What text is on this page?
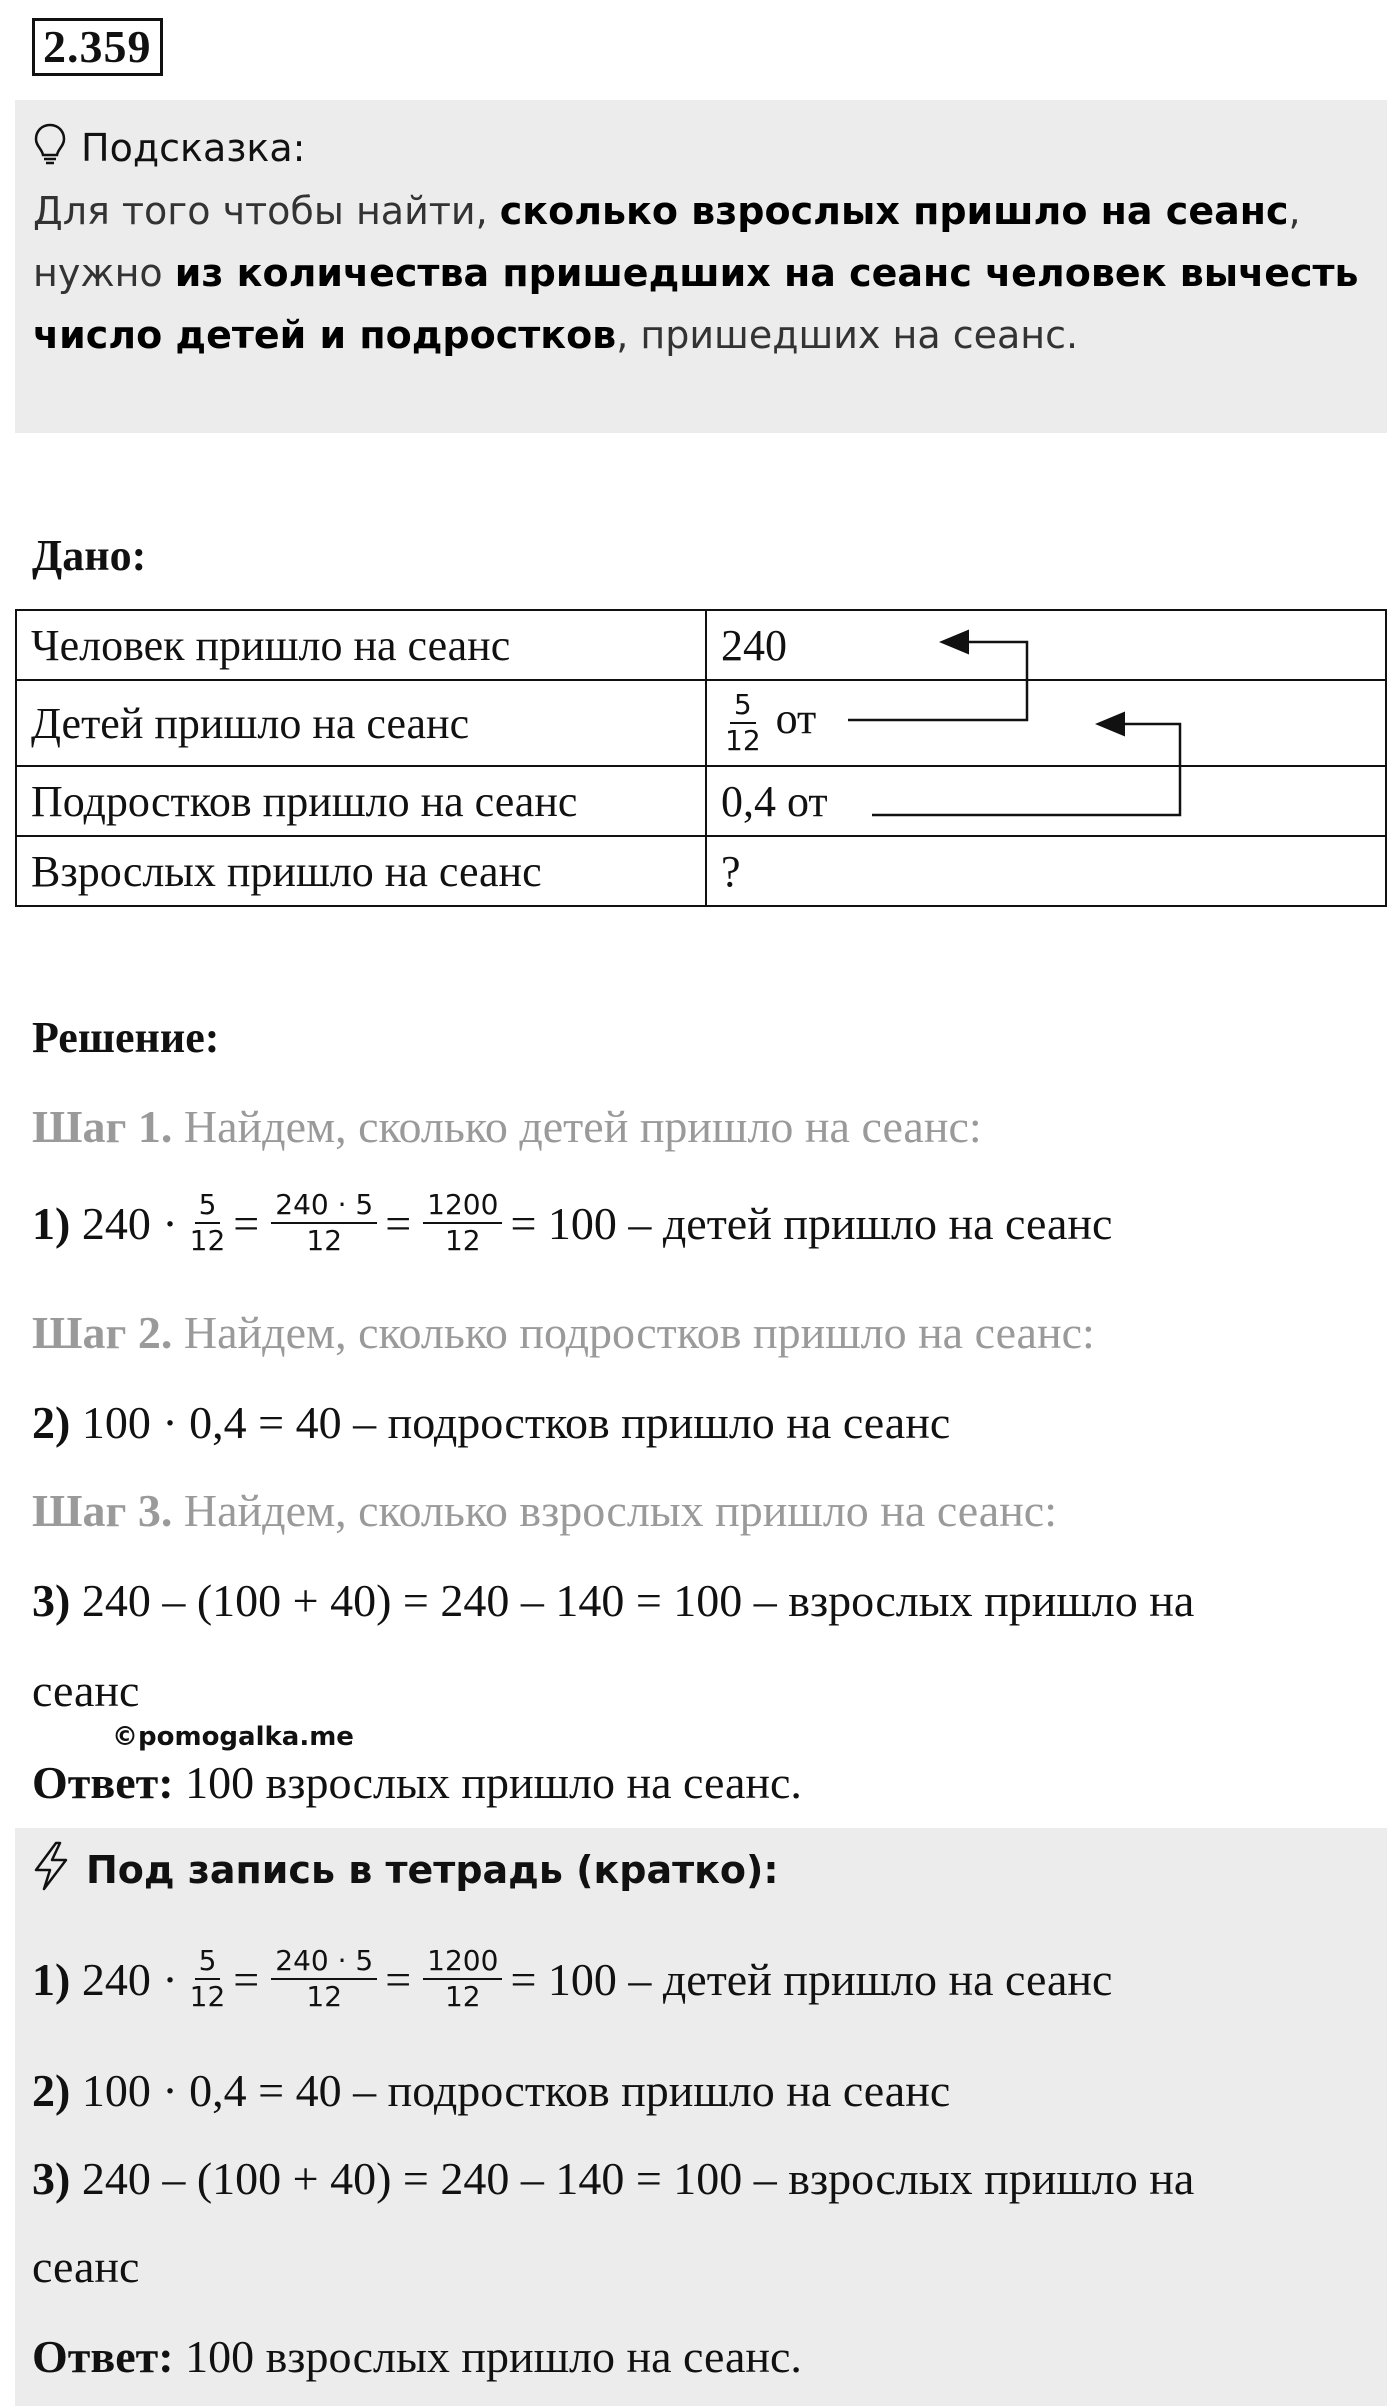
2.359
Подсказка:
Для того чтобы найти, сколько взрослых пришло на сеанс, нужно из количества пришедших на сеанс человек вычесть число детей и подростков, пришедших на сеанс.
Дано:
Человек пришло на сеанс	240
Детей пришло на сеанс	$\frac{5}{12}$ от
Подростков пришло на сеанс	0,4 от
Взрослых пришло на сеанс	?
Решение:
Шаг 1. Найдем, сколько детей пришло на сеанс:
1) $240 \cdot \frac{5}{12} = \frac{240 \cdot 5}{12} = \frac{1200}{12} = 100$ – детей пришло на сеанс
Шаг 2. Найдем, сколько подростков пришло на сеанс:
2) 100 · 0,4 = 40 – подростков пришло на сеанс
Шаг 3. Найдем, сколько взрослых пришло на сеанс:
3) 240 – (100 + 40) = 240 – 140 = 100 – взрослых пришло на
сеанс
©pomogalka.me
Ответ: 100 взрослых пришло на сеанс.
Под запись в тетрадь (кратко):
1) $240 \cdot \frac{5}{12} = \frac{240 \cdot 5}{12} = \frac{1200}{12} = 100$ – детей пришло на сеанс
2) 100 · 0,4 = 40 – подростков пришло на сеанс
3) 240 – (100 + 40) = 240 – 140 = 100 – взрослых пришло на
сеанс
Ответ: 100 взрослых пришло на сеанс.
